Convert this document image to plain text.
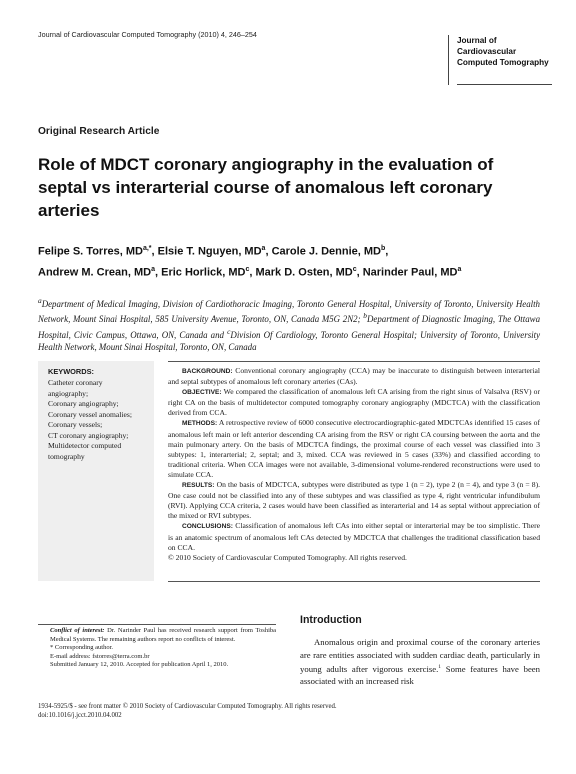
Journal of Cardiovascular Computed Tomography (2010) 4, 246–254
Journal of
Cardiovascular
Computed Tomography
Original Research Article
Role of MDCT coronary angiography in the evaluation of septal vs interarterial course of anomalous left coronary arteries
Felipe S. Torres, $MD^{a,*}$, Elsie T. Nguyen, $MD^a$, Carole J. Dennie, $MD^b$,
Andrew M. Crean, $MD^a$, Eric Horlick, $MD^c$, Mark D. Osten, $MD^c$, Narinder Paul, $MD^a$
$^a$Department of Medical Imaging, Division of Cardiothoracic Imaging, Toronto General Hospital, University of Toronto, University Health Network, Mount Sinai Hospital, 585 University Avenue, Toronto, ON, Canada M5G 2N2; $^b$Department of Diagnostic Imaging, The Ottawa Hospital, Civic Campus, Ottawa, ON, Canada and $^c$Division Of Cardiology, Toronto General Hospital; University of Toronto, University Health Network, Mount Sinai Hospital, Toronto, ON, Canada
KEYWORDS:
Catheter coronary angiography;
Coronary angiography;
Coronary vessel anomalies;
Coronary vessels;
CT coronary angiography;
Multidetector computed tomography

BACKGROUND: Conventional coronary angiography (CCA) may be inaccurate to distinguish between interarterial and septal subtypes of anomalous left coronary arteries (CAs).

OBJECTIVE: We compared the classification of anomalous left CA arising from the right sinus of Valsalva (RSV) or right CA on the basis of multidetector computed tomography coronary angiography (MDCTCA) with the classification derived from CCA.

METHODS: A retrospective review of 6000 consecutive electrocardiographic-gated MDCTCAs identified 15 cases of anomalous left main or left anterior descending CA arising from the RSV or right CA coursing between the aorta and the main pulmonary artery. On the basis of MDCTCA findings, the proximal course of each vessel was classified into 3 subtypes: 1, interarterial; 2, septal; and 3, mixed. CCA was reviewed in 5 cases (33%) and classified according to traditional criteria. When CCA images were not available, 3-dimensional volume-rendered reconstructions were used to simulate CCA.

RESULTS: On the basis of MDCTCA, subtypes were distributed as type 1 (n = 2), type 2 (n = 4), and type 3 (n = 8). One case could not be classified into any of these subtypes and was classified as type 4, right ventricular infundibulum (RVI). Applying CCA criteria, 2 cases would have been classified as interarterial and 14 as septal without appreciation of the mixed or RVI subtypes.

CONCLUSIONS: Classification of anomalous left CAs into either septal or interarterial may be too simplistic. There is an anatomic spectrum of anomalous left CAs detected by MDCTCA that challenges the traditional classification based on CCA.

© 2010 Society of Cardiovascular Computed Tomography. All rights reserved.

Conflict of interest: Dr. Narinder Paul has received research support from Toshiba Medical Systems. The remaining authors report no conflicts of interest.

* Corresponding author.

E-mail address: fstorres@terra.com.br

Submitted January 12, 2010. Accepted for publication April 1, 2010.

Introduction
Anomalous origin and proximal course of the coronary arteries are rare entities associated with sudden cardiac death, particularly in young adults after vigorous exercise.$^1$ Some features have been associated with an increased risk
1934-5925/$ - see front matter © 2010 Society of Cardiovascular Computed Tomography. All rights reserved.
doi:10.1016/j.jcct.2010.04.002
